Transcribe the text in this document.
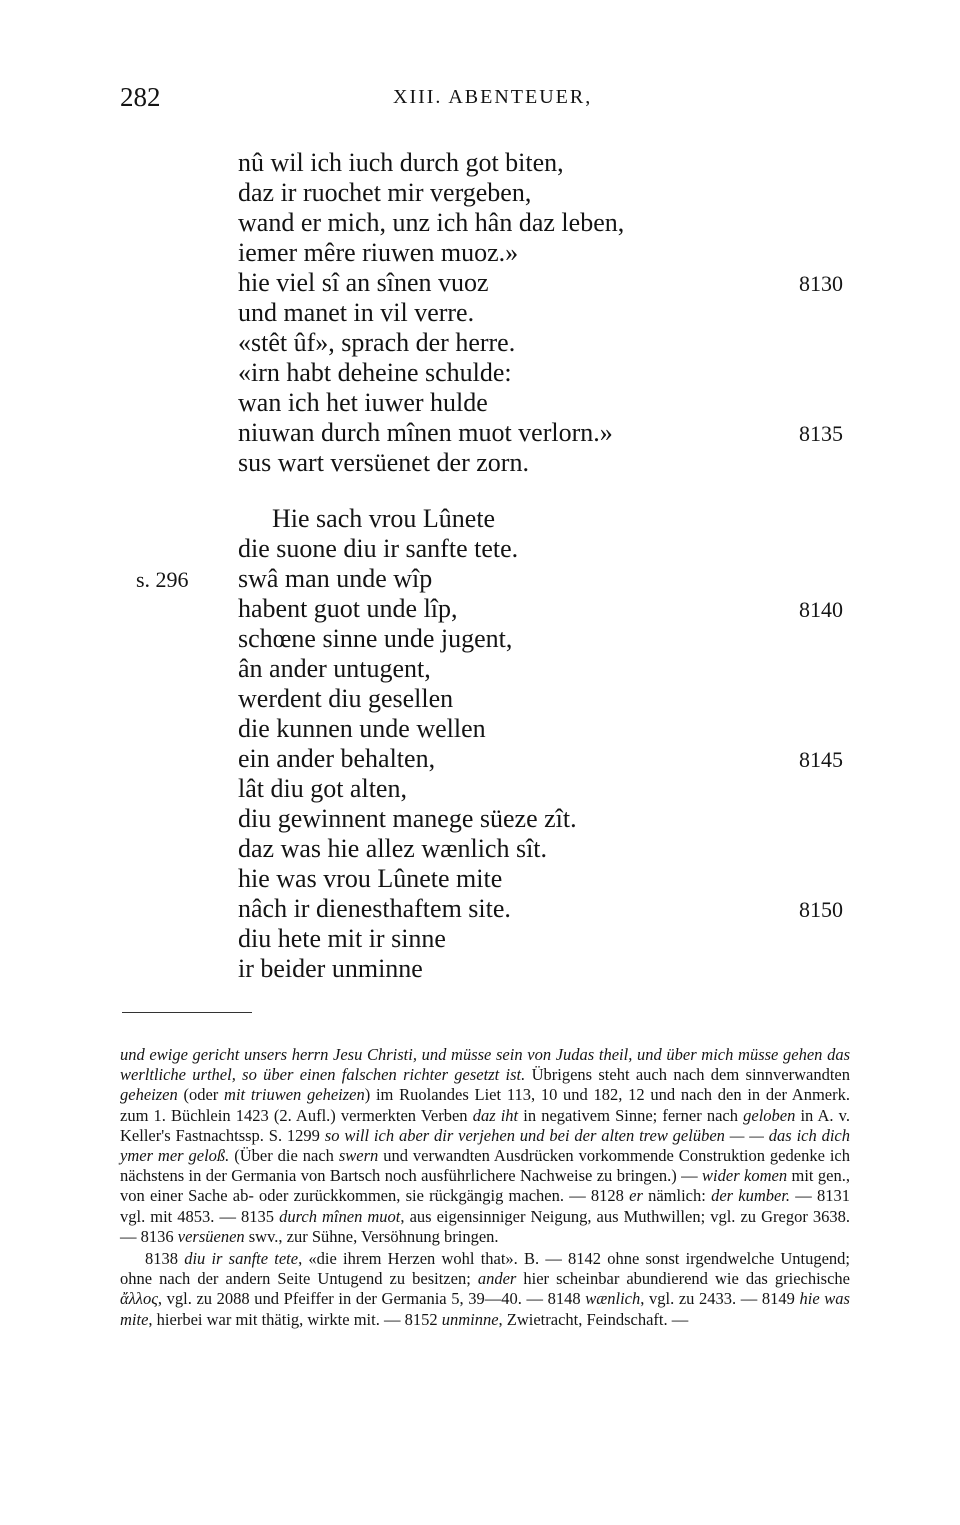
282	XIII. ABENTEUER,
nû wil ich iuch durch got biten,
daz ir ruochet mir vergeben,
wand er mich, unz ich hân daz leben,
iemer mêre riuwen muoz.»
hie viel sî an sînen vuoz	8130
und manet in vil verre.
«stêt ûf», sprach der herre.
«irn habt deheine schulde:
wan ich het iuwer hulde
niuwan durch mînen muot verlorn.»	8135
sus wart versüenet der zorn.
Hie sach vrou Lûnete
die suone diu ir sanfte tete.
swâ man unde wîp
s. 296
habent guot unde lîp,	8140
schœne sinne unde jugent,
ân ander untugent,
werdent diu gesellen
die kunnen unde wellen
ein ander behalten,	8145
lât diu got alten,
diu gewinnent manege süeze zît.
daz was hie allez wænlich sît.
hie was vrou Lûnete mite
nâch ir dienesthaftem site.	8150
diu hete mit ir sinne
ir beider unminne

und ewige gericht unsers herrn Jesu Christi, und müsse sein von Judas theil, und über mich müsse gehen das werltliche urthel, so über einen falschen richter gesetzt ist. Übrigens steht auch nach dem sinnverwandten geheizen (oder mit triuwen geheizen) im Ruolandes Liet 113, 10 und 182, 12 und nach den in der Anmerk. zum 1. Büchlein 1423 (2. Aufl.) vermerkten Verben daz iht in negativem Sinne; ferner nach geloben in A. v. Keller's Fastnachtssp. S. 1299 so will ich aber dir verjehen und bei der alten trew gelüben — — das ich dich ymer mer geloß. (Über die nach swern und verwandten Ausdrücken vorkommende Construktion gedenke ich nächstens in der Germania von Bartsch noch ausführlichere Nachweise zu bringen.) — wider komen mit gen., von einer Sache ab- oder zurückkommen, sie rückgängig machen. — 8128 er nämlich: der kumber. — 8131 vgl. mit 4853. — 8135 durch mînen muot, aus eigensinniger Neigung, aus Muthwillen; vgl. zu Gregor 3638. — 8136 versüenen swv., zur Sühne, Versöhnung bringen.

8138 diu ir sanfte tete, «die ihrem Herzen wohl that». B. — 8142 ohne sonst irgendwelche Untugend; ohne nach der andern Seite Untugend zu besitzen; ander hier scheinbar abundierend wie das griechische ἄλλος, vgl. zu 2088 und Pfeiffer in der Germania 5, 39—40. — 8148 wænlich, vgl. zu 2433. — 8149 hie was mite, hierbei war mit thätig, wirkte mit. — 8152 unminne, Zwietracht, Feindschaft. —
